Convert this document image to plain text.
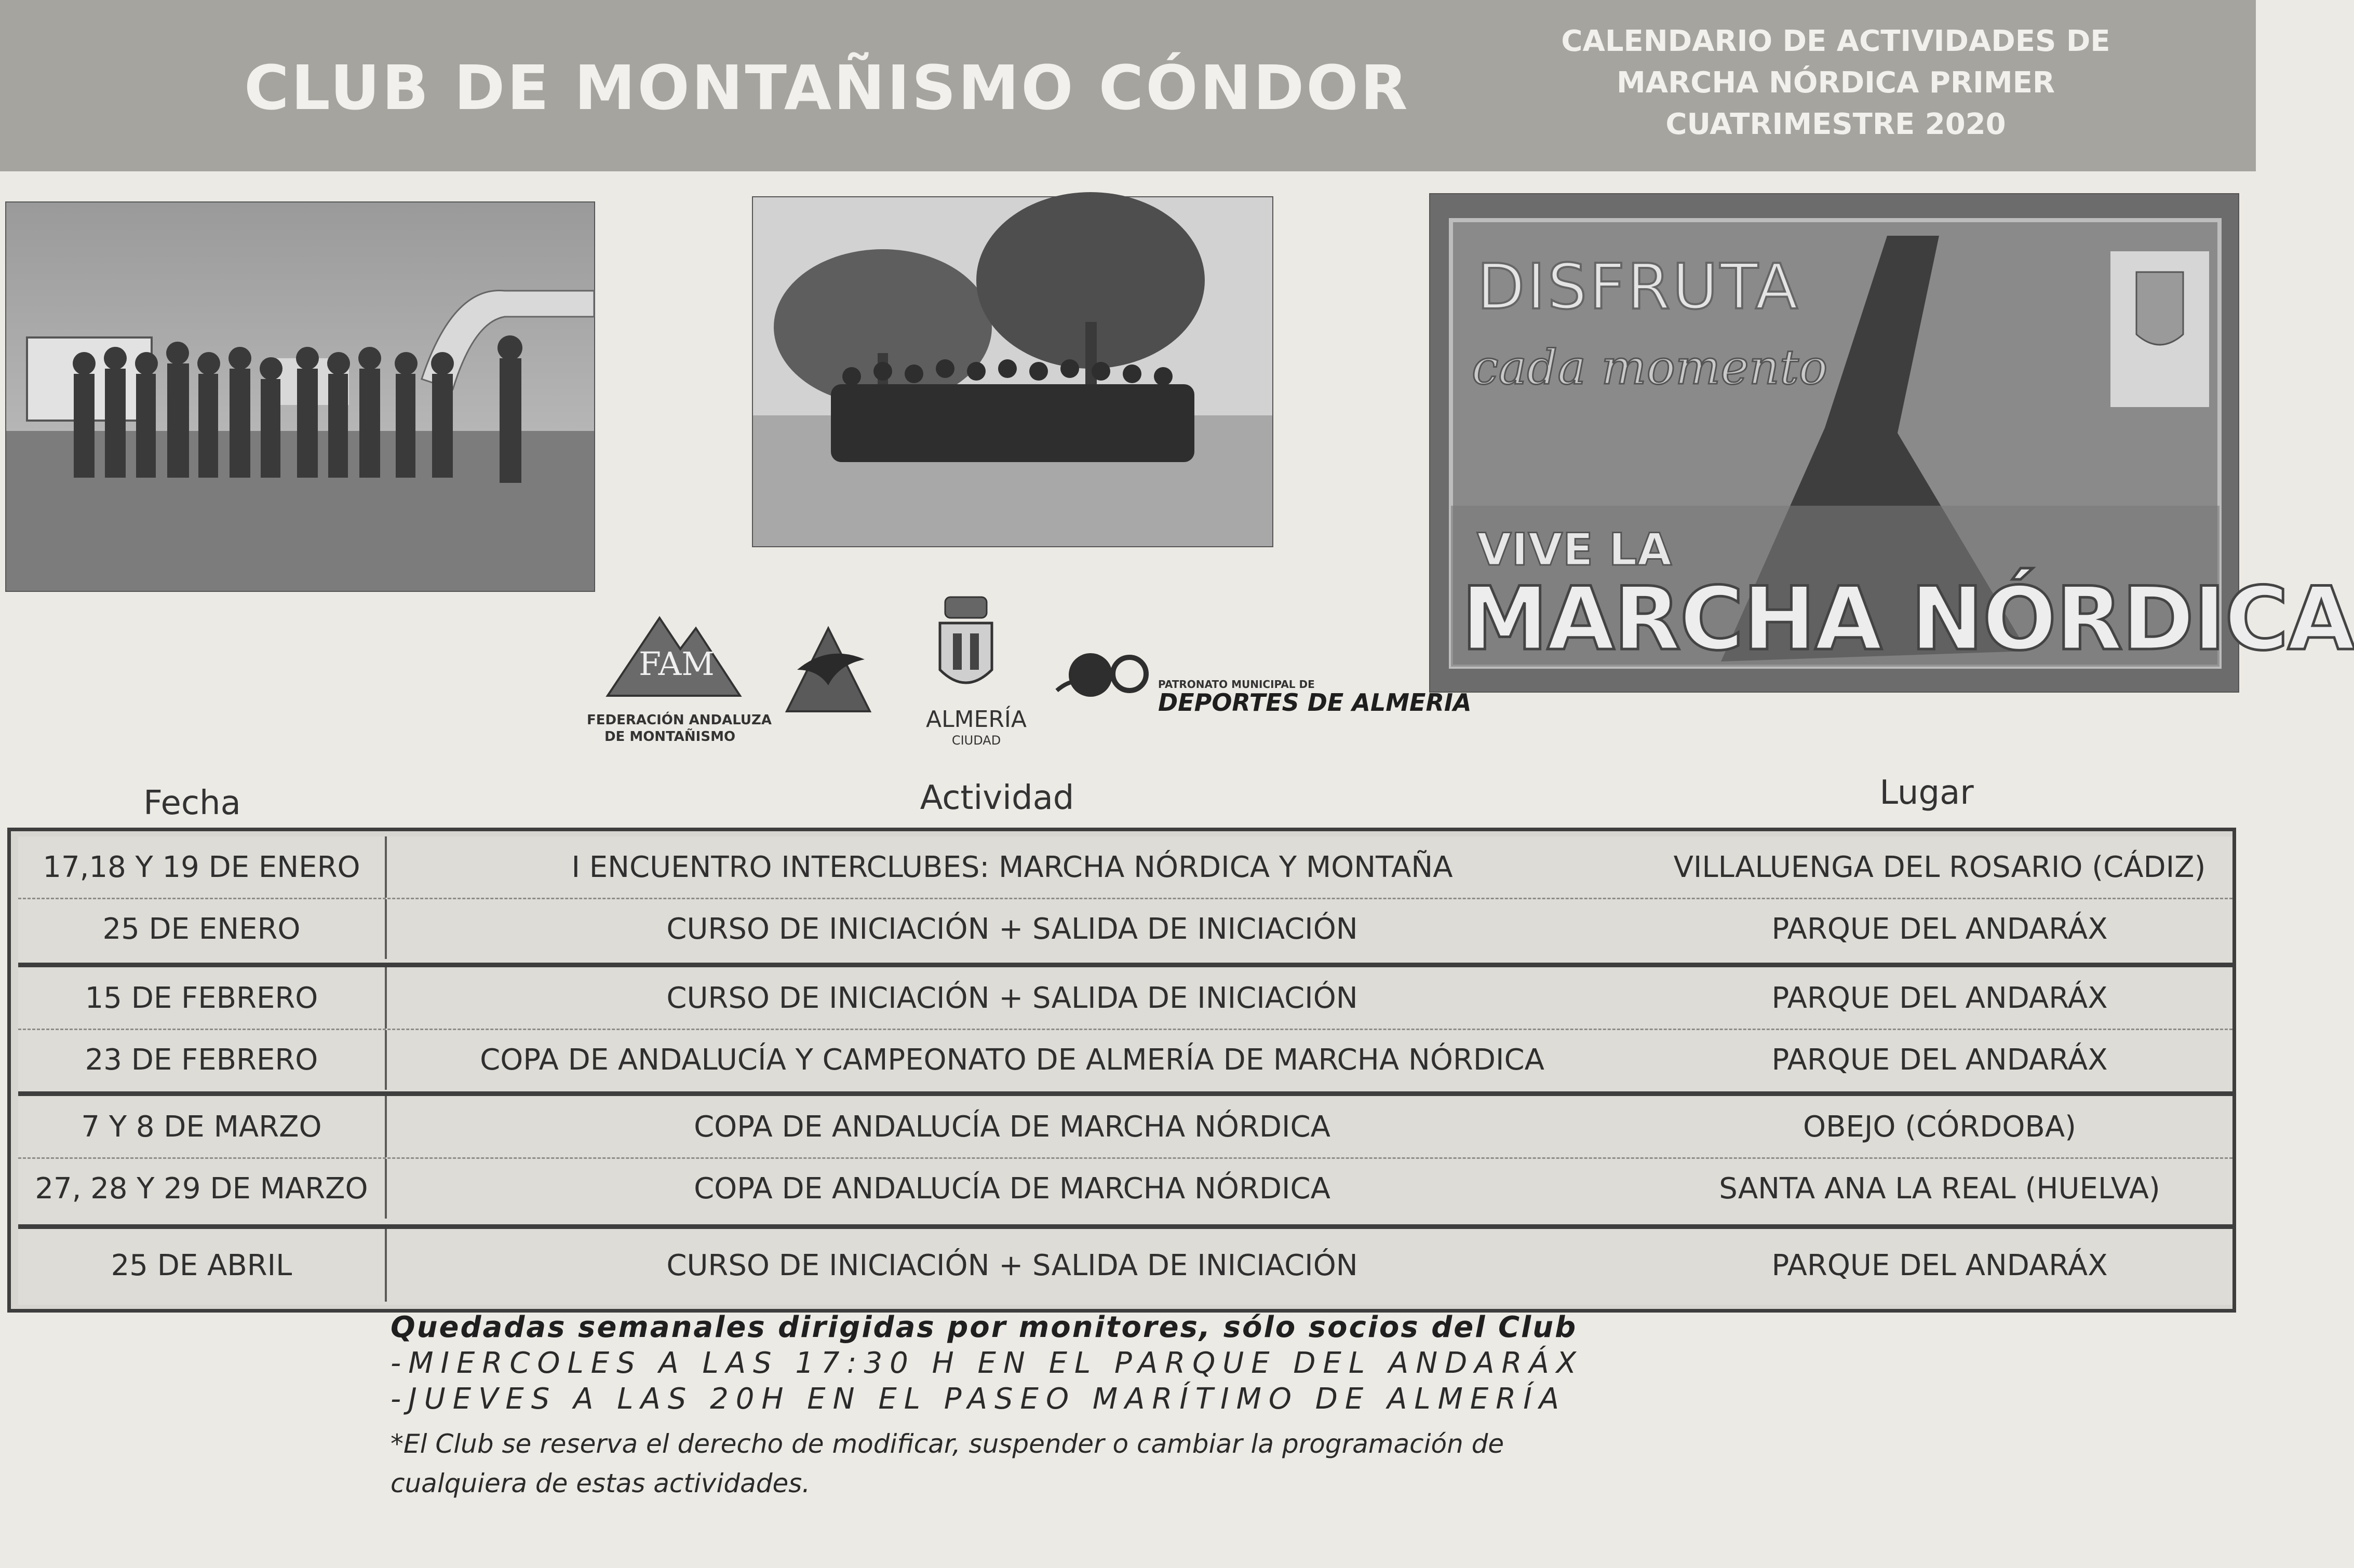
CLUB DE MONTAÑISMO CÓNDOR
CALENDARIO DE ACTIVIDADES DE
MARCHA NÓRDICA PRIMER
CUATRIMESTRE 2020
DISFRUTA
cada momento
VIVE LA
MARCHA NÓRDICA
FAM
FEDERACIÓN ANDALUZA
DE MONTAÑISMO
ALMERÍA
CIUDAD
PATRONATO MUNICIPAL DE
DEPORTES DE ALMERIA
Fecha	Actividad	Lugar
17,18 Y 19 DE ENERO	I ENCUENTRO INTERCLUBES: MARCHA NÓRDICA Y MONTAÑA	VILLALUENGA DEL ROSARIO (CÁDIZ)
25 DE ENERO	CURSO DE INICIACIÓN + SALIDA DE INICIACIÓN	PARQUE DEL ANDARÁX
15 DE FEBRERO	CURSO DE INICIACIÓN + SALIDA DE INICIACIÓN	PARQUE DEL ANDARÁX
23 DE FEBRERO	COPA DE ANDALUCÍA Y CAMPEONATO DE ALMERÍA DE MARCHA NÓRDICA	PARQUE DEL ANDARÁX
7 Y 8 DE MARZO	COPA DE ANDALUCÍA DE MARCHA NÓRDICA	OBEJO (CÓRDOBA)
27, 28 Y 29 DE MARZO	COPA DE ANDALUCÍA DE MARCHA NÓRDICA	SANTA ANA LA REAL (HUELVA)
25 DE ABRIL	CURSO DE INICIACIÓN + SALIDA DE INICIACIÓN	PARQUE DEL ANDARÁX
Quedadas semanales dirigidas por monitores, sólo socios del Club
-MIERCOLES A LAS 17:30 H EN EL PARQUE DEL ANDARÁX
-JUEVES A LAS 20H EN EL PASEO MARÍTIMO DE ALMERÍA
*El Club se reserva el derecho de modificar, suspender o cambiar la programación de cualquiera de estas actividades.
